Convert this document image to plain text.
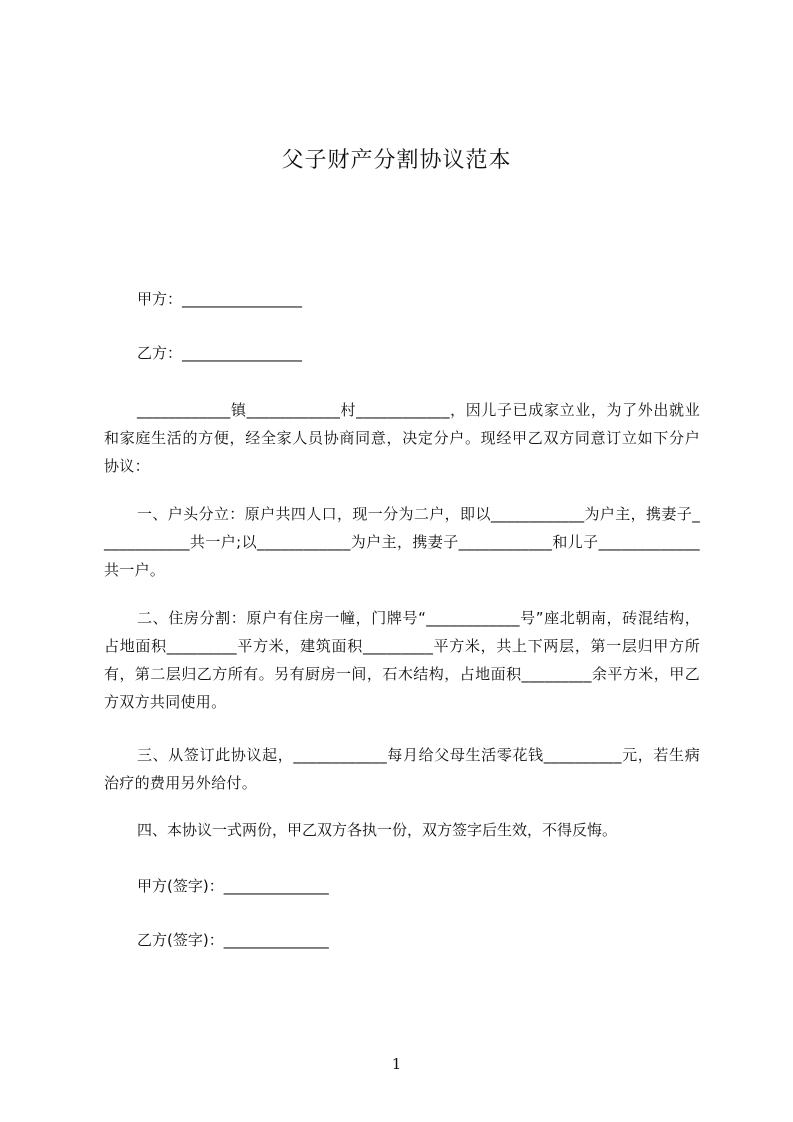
父子财产分割协议范本
甲方：________________
乙方：________________
____________镇____________村____________，因儿子已成家立业，为了外出就业和家庭生活的方便，经全家人员协商同意，决定分户。现经甲乙双方同意订立如下分户协议：
一、户头分立：原户共四人口，现一分为二户，即以____________为户主，携妻子____________共一户;以____________为户主，携妻子____________和儿子_____________共一户。
二、住房分割：原户有住房一幢，门牌号“____________号”座北朝南，砖混结构，占地面积_________平方米，建筑面积_________平方米，共上下两层，第一层归甲方所有，第二层归乙方所有。另有厨房一间，石木结构，占地面积_________余平方米，甲乙方双方共同使用。
三、从签订此协议起，____________每月给父母生活零花钱__________元，若生病治疗的费用另外给付。
四、本协议一式两份，甲乙双方各执一份，双方签字后生效，不得反悔。
甲方(签字)：______________
乙方(签字)：______________
1
